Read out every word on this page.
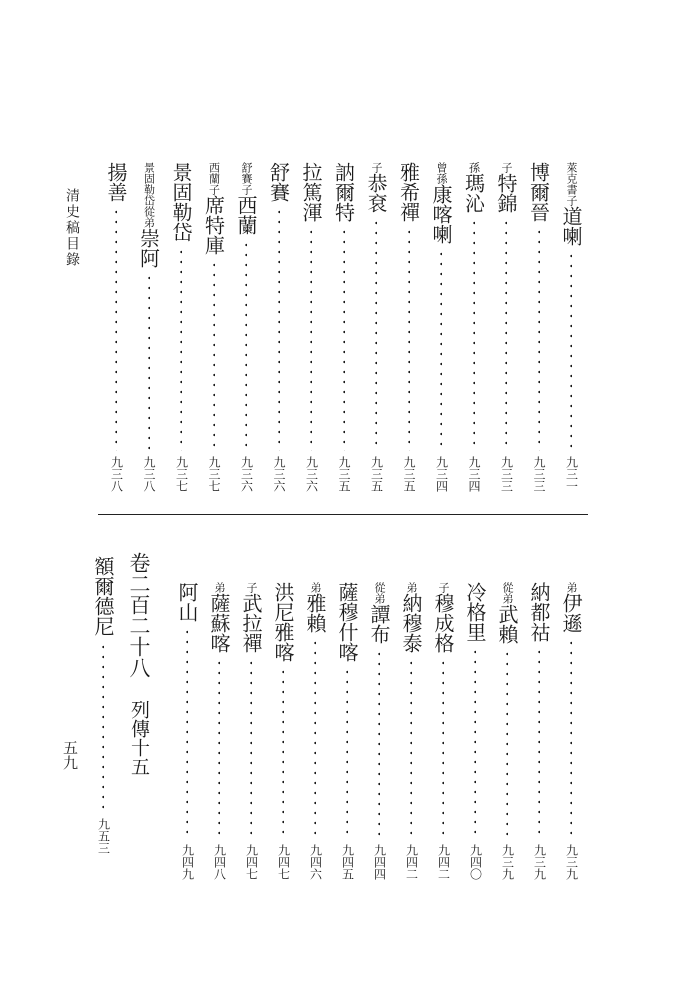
清史稿目錄
五九
萊克書子
道喇
九三一
博爾晉
九三三
子
特錦
九三三
孫
瑪沁
九三四
曾孫
康喀喇
九三四
雅希禪
九三五
子
恭袞
九三五
訥爾特
九三五
拉篤渾
九三六
舒賽
九三六
舒賽子
西蘭
九三六
西蘭子
席特庫
九三七
景固勒岱
九三七
景固勒岱從弟
崇阿
九三八
揚善
九三八
弟
伊遜
九三九
納都祜
九三九
從弟
武賴
九三九
冷格里
九四〇
子
穆成格
九四二
弟
納穆泰
九四二
從弟
譚布
九四四
薩穆什喀
九四五
弟
雅賴
九四六
洪尼雅喀
九四七
子
武拉禪
九四七
弟
薩蘇喀
九四八
阿山
九四九
卷二百二十八
列傳十五
額爾德尼
九五三
